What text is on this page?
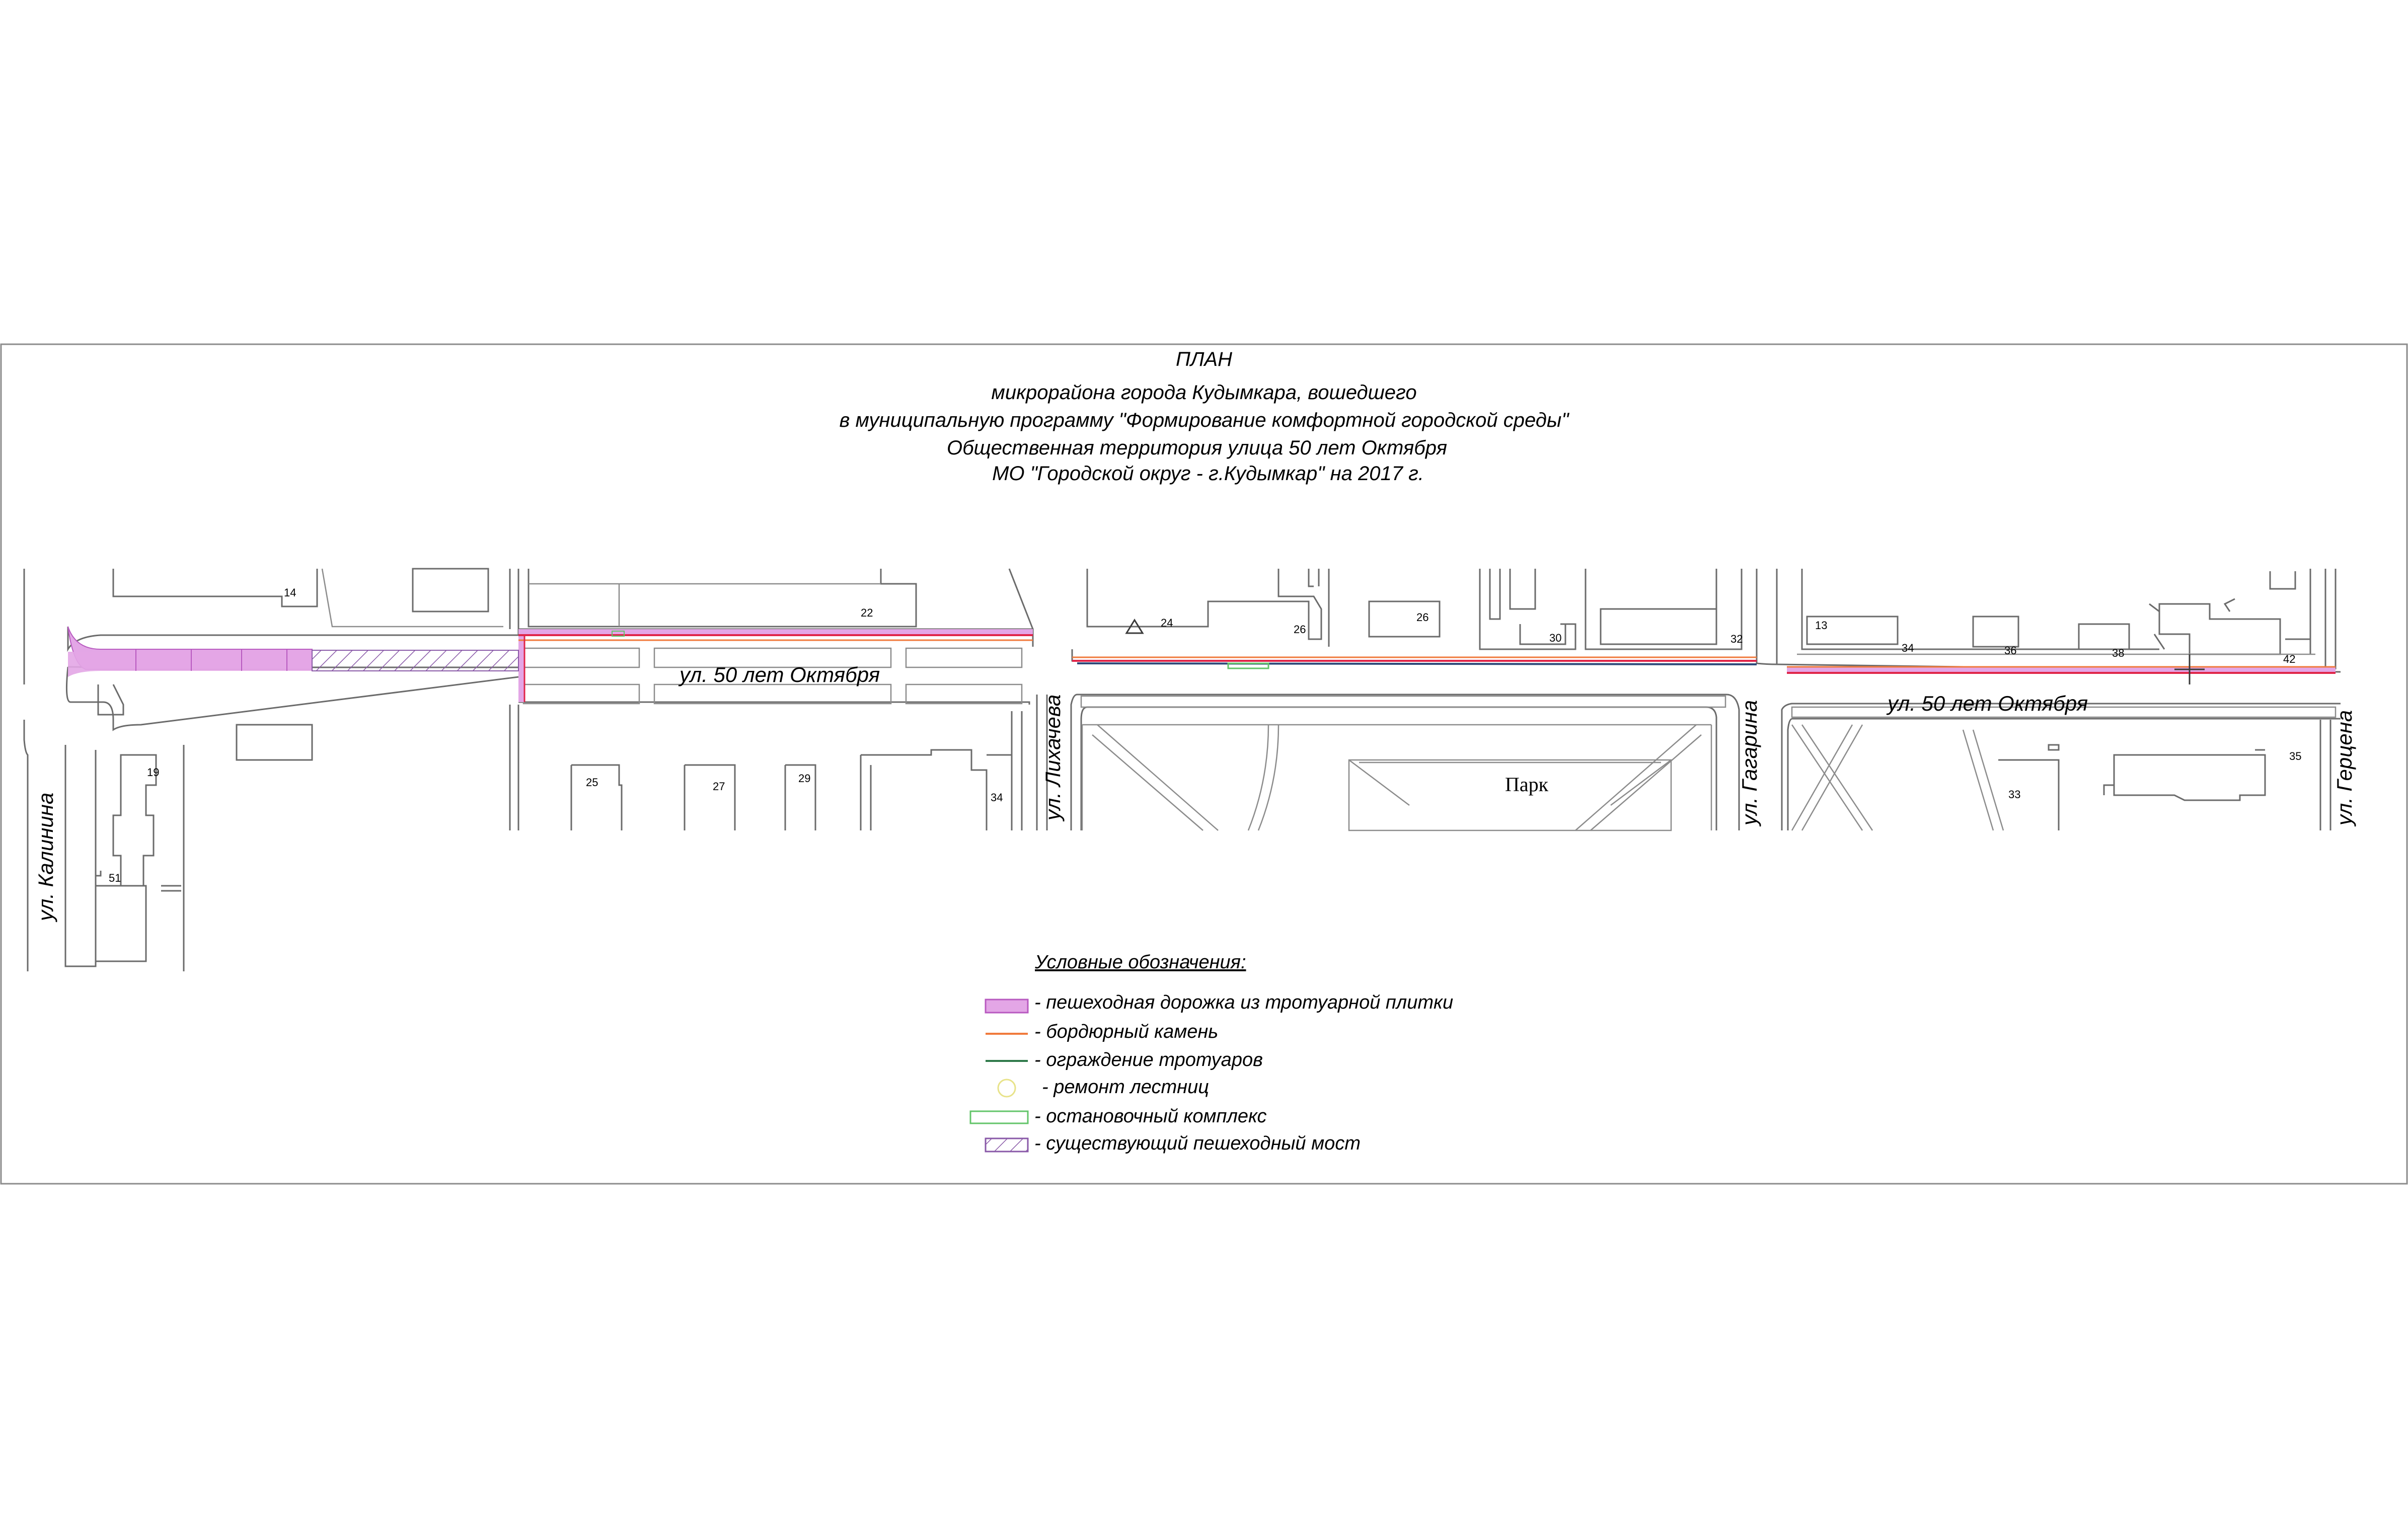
ПЛАН
микрорайона города Кудымкара, вошедшего
в муниципальную программу "Формирование комфортной городской среды"
Общественная территория улица 50 лет Октября
МО "Городской округ - г.Кудымкар" на 2017 г.
14
22
24
26
26
30	32
13
34	36	38	42
19
51
25	27
29
34	33
35
ул. 50 лет Октября
ул. 50 лет Октября
ул. Калинина
ул. Лихачева	ул. Гагарина	ул. Герцена
Парк
Условные обозначения:
- пешеходная дорожка из тротуарной плитки
- бордюрный камень
- ограждение тротуаров
- ремонт лестниц
- остановочный комплекс
- существующий пешеходный мост
